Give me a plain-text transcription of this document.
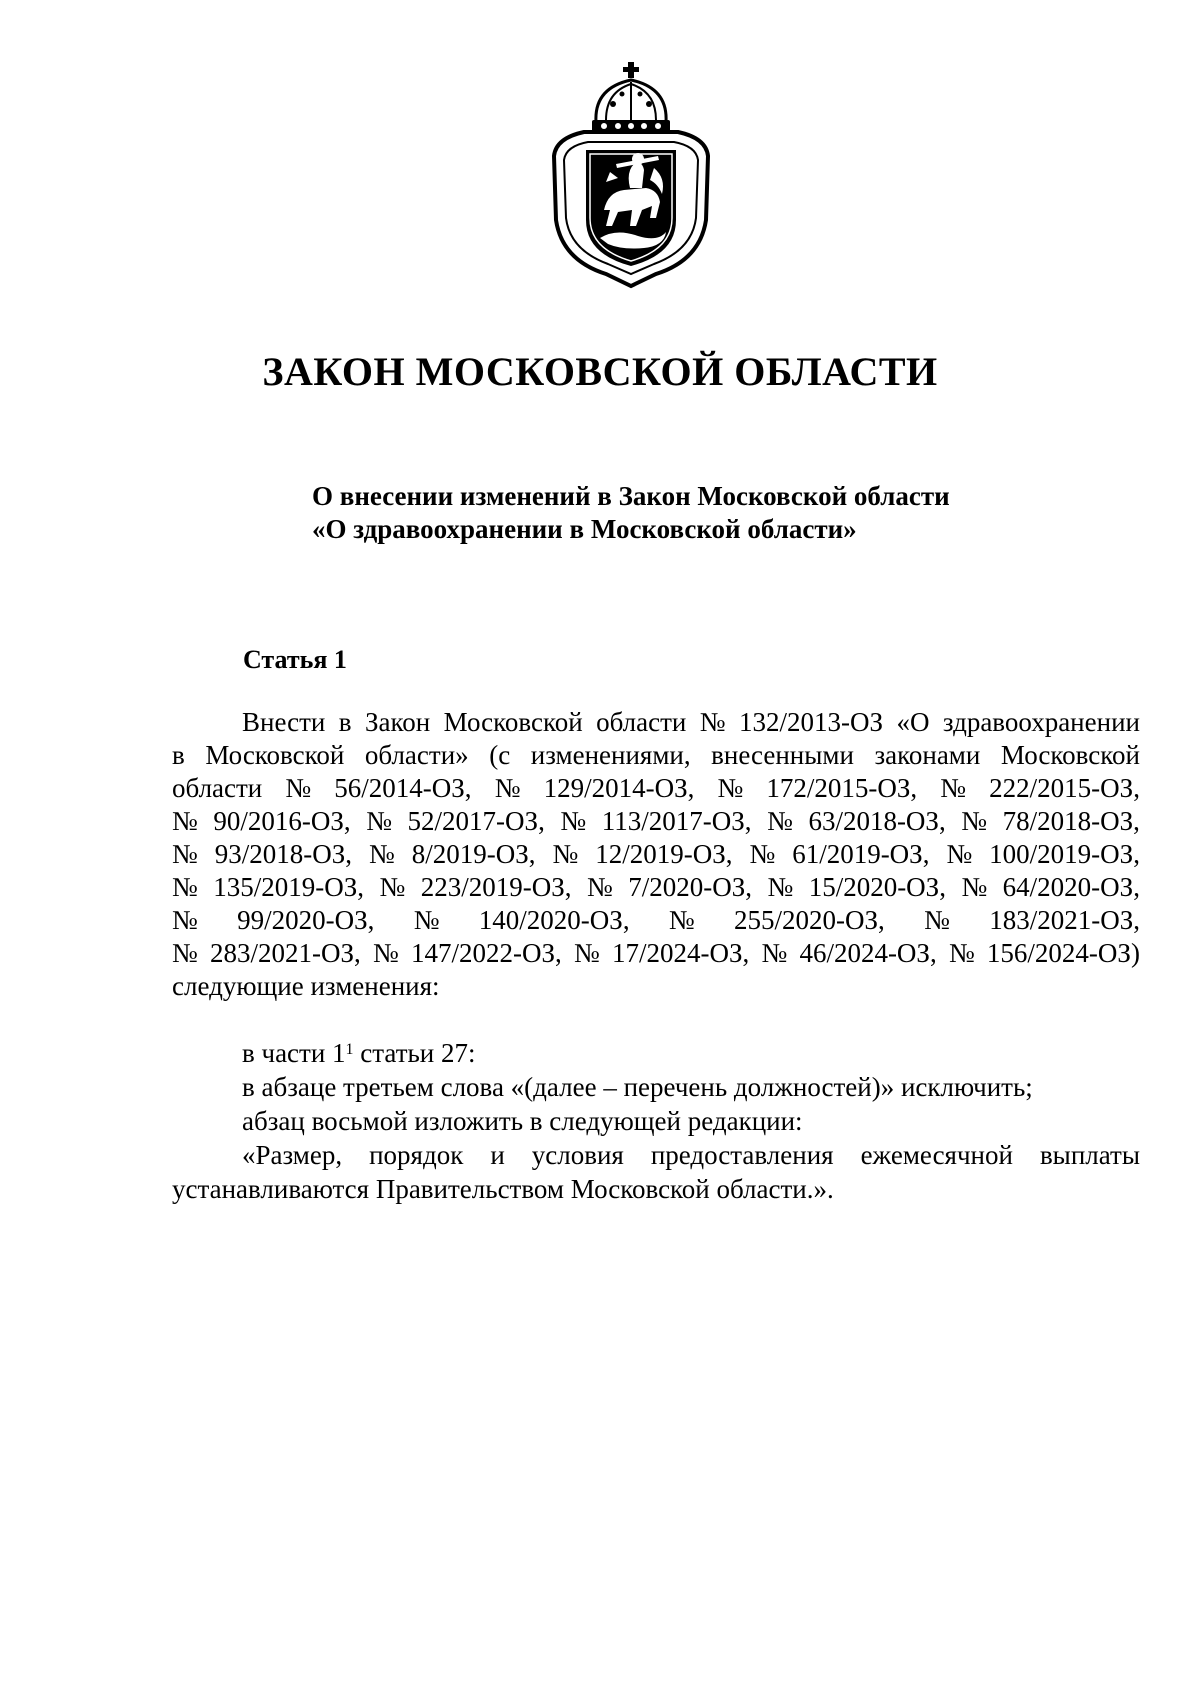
ЗАКОН МОСКОВСКОЙ ОБЛАСТИ
О внесении изменений в Закон Московской области
«О здравоохранении в Московской области»
Статья 1
Внести в Закон Московской области № 132/2013-ОЗ «О здравоохранении
в Московской области» (с изменениями, внесенными законами Московской
области № 56/2014-ОЗ, № 129/2014-ОЗ, № 172/2015-ОЗ, № 222/2015-ОЗ,
№ 90/2016-ОЗ, № 52/2017-ОЗ, № 113/2017-ОЗ, № 63/2018-ОЗ, № 78/2018-ОЗ,
№ 93/2018-ОЗ, № 8/2019-ОЗ, № 12/2019-ОЗ, № 61/2019-ОЗ, № 100/2019-ОЗ,
№ 135/2019-ОЗ, № 223/2019-ОЗ, № 7/2020-ОЗ, № 15/2020-ОЗ, № 64/2020-ОЗ,
№ 99/2020-ОЗ, № 140/2020-ОЗ, № 255/2020-ОЗ, № 183/2021-ОЗ,
№ 283/2021-ОЗ, № 147/2022-ОЗ, № 17/2024-ОЗ, № 46/2024-ОЗ, № 156/2024-ОЗ)
следующие изменения:
в части $1^1$ статьи 27:
в абзаце третьем слова «(далее – перечень должностей)» исключить;
абзац восьмой изложить в следующей редакции:
«Размер, порядок и условия предоставления ежемесячной выплаты
устанавливаются Правительством Московской области.».
